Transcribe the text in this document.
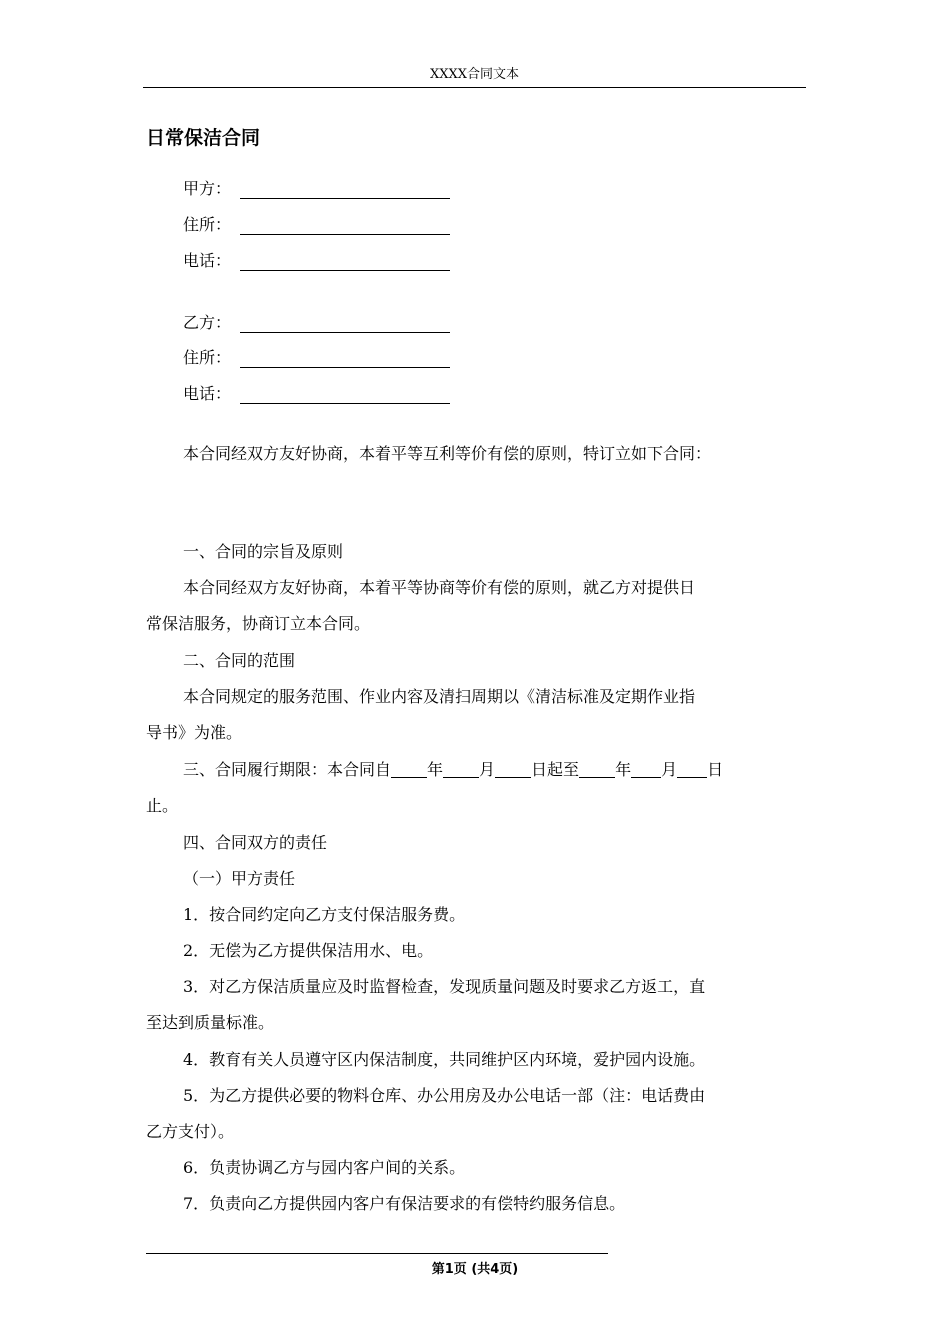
XXXX合同文本
日常保洁合同
甲方：
住所：
电话：
乙方：
住所：
电话：
本合同经双方友好协商，本着平等互利等价有偿的原则，特订立如下合同：
一、合同的宗旨及原则
本合同经双方友好协商，本着平等协商等价有偿的原则，就乙方对提供日
常保洁服务，协商订立本合同。
二、合同的范围
本合同规定的服务范围、作业内容及清扫周期以《清洁标准及定期作业指
导书》为准。
三、合同履行期限：本合同自 年 月 日起至 年 月 日
止。
四、合同双方的责任
（一）甲方责任
1．按合同约定向乙方支付保洁服务费。
2．无偿为乙方提供保洁用水、电。
3．对乙方保洁质量应及时监督检查，发现质量问题及时要求乙方返工，直
至达到质量标准。
4．教育有关人员遵守区内保洁制度，共同维护区内环境，爱护园内设施。
5．为乙方提供必要的物料仓库、办公用房及办公电话一部（注：电话费由
乙方支付）。
6．负责协调乙方与园内客户间的关系。
7．负责向乙方提供园内客户有保洁要求的有偿特约服务信息。
第1页 (共4页)
